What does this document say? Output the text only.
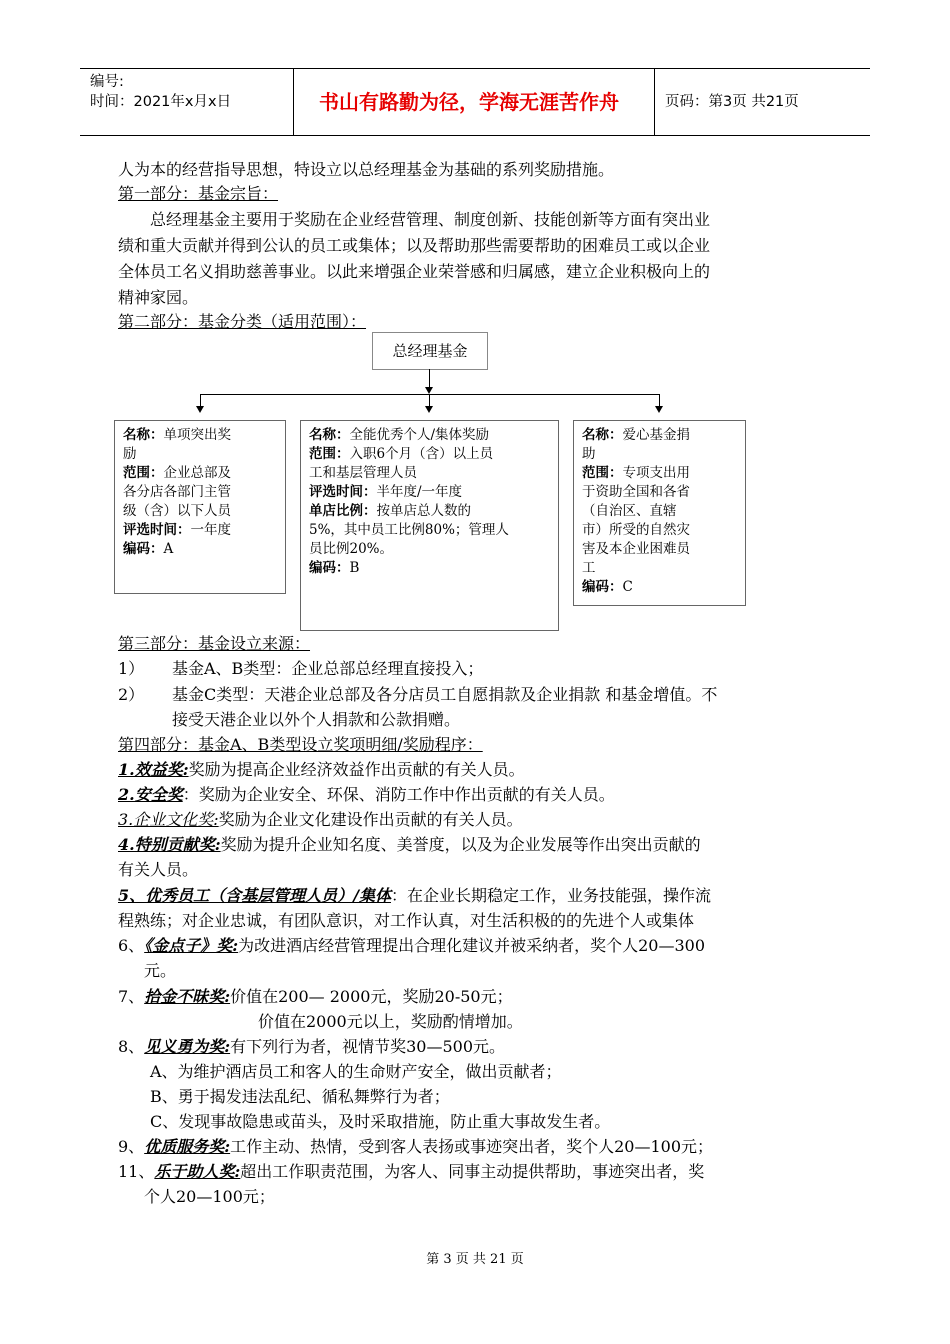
编号:
时间：2021年x月x日	书山有路勤为径，学海无涯苦作舟	页码：第3页 共21页
人为本的经营指导思想，特设立以总经理基金为基础的系列奖励措施。
第一部分：基金宗旨：
总经理基金主要用于奖励在企业经营管理、制度创新、技能创新等方面有突出业
绩和重大贡献并得到公认的员工或集体；以及帮助那些需要帮助的困难员工或以企业
全体员工名义捐助慈善事业。以此来增强企业荣誉感和归属感，建立企业积极向上的
精神家园。
第二部分：基金分类（适用范围）：
总经理基金
名称：单项突出奖
励
范围：企业总部及
各分店各部门主管
级（含）以下人员
评选时间：一年度
编码：A
名称：全能优秀个人/集体奖励
范围：入职6个月（含）以上员
工和基层管理人员
评选时间：半年度/一年度
单店比例：按单店总人数的
5%，其中员工比例80%；管理人
员比例20%。
编码：B
名称：爱心基金捐
助
范围：专项支出用
于资助全国和各省
（自治区、直辖
市）所受的自然灾
害及本企业困难员
工
编码：C
第三部分：基金设立来源：
1） 基金A、B类型：企业总部总经理直接投入；
2） 基金C类型：天港企业总部及各分店员工自愿捐款及企业捐款 和基金增值。不
接受天港企业以外个人捐款和公款捐赠。
第四部分：基金A、B类型设立奖项明细/奖励程序：
1.效益奖:奖励为提高企业经济效益作出贡献的有关人员。
2.安全奖：奖励为企业安全、环保、消防工作中作出贡献的有关人员。
3.企业文化奖:奖励为企业文化建设作出贡献的有关人员。
4.特别贡献奖:奖励为提升企业知名度、美誉度，以及为企业发展等作出突出贡献的
有关人员。
5、优秀员工（含基层管理人员）/集体：在企业长期稳定工作，业务技能强，操作流
程熟练；对企业忠诚，有团队意识，对工作认真，对生活积极的的先进个人或集体
6、《金点子》奖:为改进酒店经营管理提出合理化建议并被采纳者，奖个人20—300
元。
7、拾金不昧奖:价值在200— 2000元，奖励20-50元；
价值在2000元以上，奖励酌情增加。
8、见义勇为奖:有下列行为者，视情节奖30—500元。
A、为维护酒店员工和客人的生命财产安全，做出贡献者；
B、勇于揭发违法乱纪、循私舞弊行为者；
C、发现事故隐患或苗头，及时采取措施，防止重大事故发生者。
9、优质服务奖:工作主动、热情，受到客人表扬或事迹突出者，奖个人20—100元；
11、乐于助人奖:超出工作职责范围，为客人、同事主动提供帮助，事迹突出者，奖
个人20—100元；
第 3 页 共 21 页
